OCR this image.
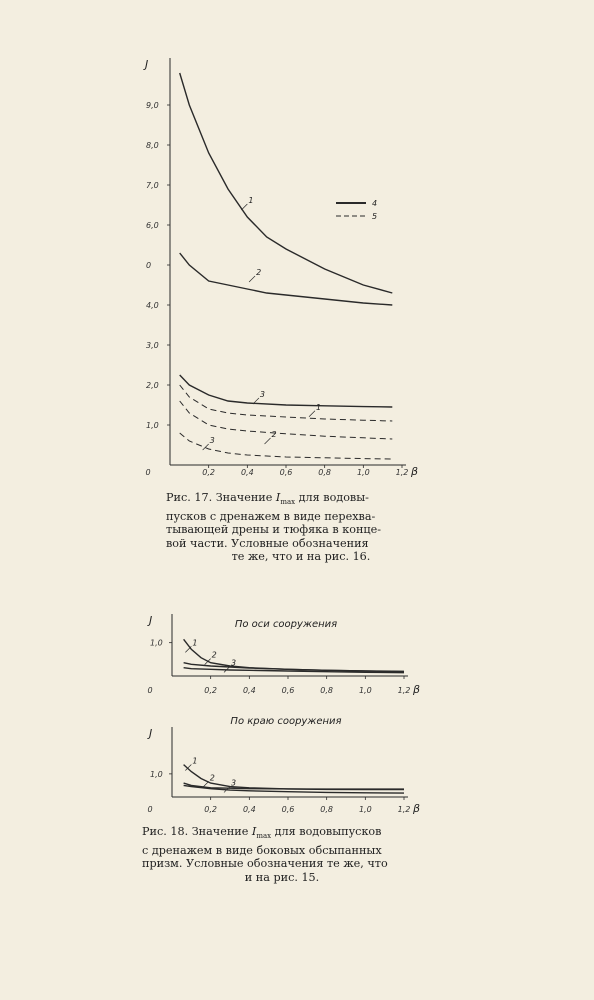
0	0,2	0,4	0,6	0,8	1,0	1,2 β
1,0
2,0
3,0
4,0
0
6,0
7,0
8,0
9,0
J
1
2
3
1
2
3
4
5
Рис. 17. Значение $I_{max}$ для водовы-
пусков с дренажем в виде перехва-
тывающей дрены и тюфяка в конце-
вой части. Условные обозначения
те же, что и на рис. 16.
0	0,2	0,4	0,6	0,8	1,0	1,2 β
1,0
J	По оси сооружения
1
2
3
0	0,2	0,4	0,6	0,8	1,0	1,2 β
1,0
J
По краю сооружения
1
2
3
Рис. 18. Значение $I_{max}$ для водовыпусков
с дренажем в виде боковых обсыпанных
призм. Условные обозначения те же, что
и на рис. 15.
